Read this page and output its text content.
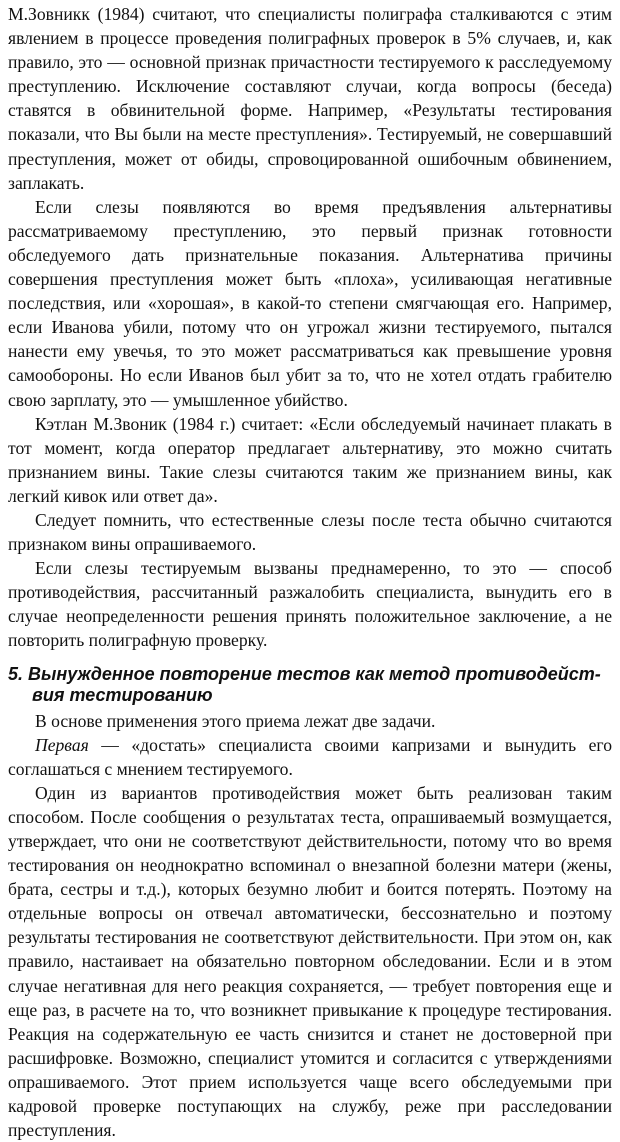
М.Зовникк (1984) считают, что специалисты полиграфа сталкиваются с этим явлением в процессе проведения полиграфных проверок в 5% случаев, и, как правило, это — основной признак причастности тестируемого к расследуемому преступлению. Исключение составляют случаи, когда вопросы (беседа) ставятся в обвинительной форме. Например, «Результаты тестирования показали, что Вы были на месте преступления». Тестируемый, не совершавший преступления, может от обиды, спровоцированной ошибочным обвинением, заплакать.

Если слезы появляются во время предъявления альтернативы рассматриваемому преступлению, это первый признак готовности обследуемого дать признательные показания. Альтернатива причины совершения преступления может быть «плоха», усиливающая негативные последствия, или «хорошая», в какой-то степени смягчающая его. Например, если Иванова убили, потому что он угрожал жизни тестируемого, пытался нанести ему увечья, то это может рассматриваться как превышение уровня самообороны. Но если Иванов был убит за то, что не хотел отдать грабителю свою зарплату, это — умышленное убийство.

Кэтлан М.Звоник (1984 г.) считает: «Если обследуемый начинает плакать в тот момент, когда оператор предлагает альтернативу, это можно считать признанием вины. Такие слезы считаются таким же признанием вины, как легкий кивок или ответ да».

Следует помнить, что естественные слезы после теста обычно считаются признаком вины опрашиваемого.

Если слезы тестируемым вызваны преднамеренно, то это — способ противодействия, рассчитанный разжалобить специалиста, вынудить его в случае неопределенности решения принять положительное заключение, а не повторить полиграфную проверку.

5. Вынужденное повторение тестов как метод противодейст-
вия тестированию

В основе применения этого приема лежат две задачи.

Первая — «достать» специалиста своими капризами и вынудить его соглашаться с мнением тестируемого.

Один из вариантов противодействия может быть реализован таким способом. После сообщения о результатах теста, опрашиваемый возмущается, утверждает, что они не соответствуют действительности, потому что во время тестирования он неоднократно вспоминал о внезапной болезни матери (жены, брата, сестры и т.д.), которых безумно любит и боится потерять. Поэтому на отдельные вопросы он отвечал автоматически, бессознательно и поэтому результаты тестирования не соответствуют действительности. При этом он, как правило, настаивает на обязательно повторном обследовании. Если и в этом случае негативная для него реакция сохраняется, — требует повторения еще и еще раз, в расчете на то, что возникнет привыкание к процедуре тестирования. Реакция на содержательную ее часть снизится и станет не достоверной при расшифровке. Возможно, специалист утомится и согласится с утверждениями опрашиваемого. Этот прием используется чаще всего обследуемыми при кадровой проверке поступающих на службу, реже при расследовании преступления.
